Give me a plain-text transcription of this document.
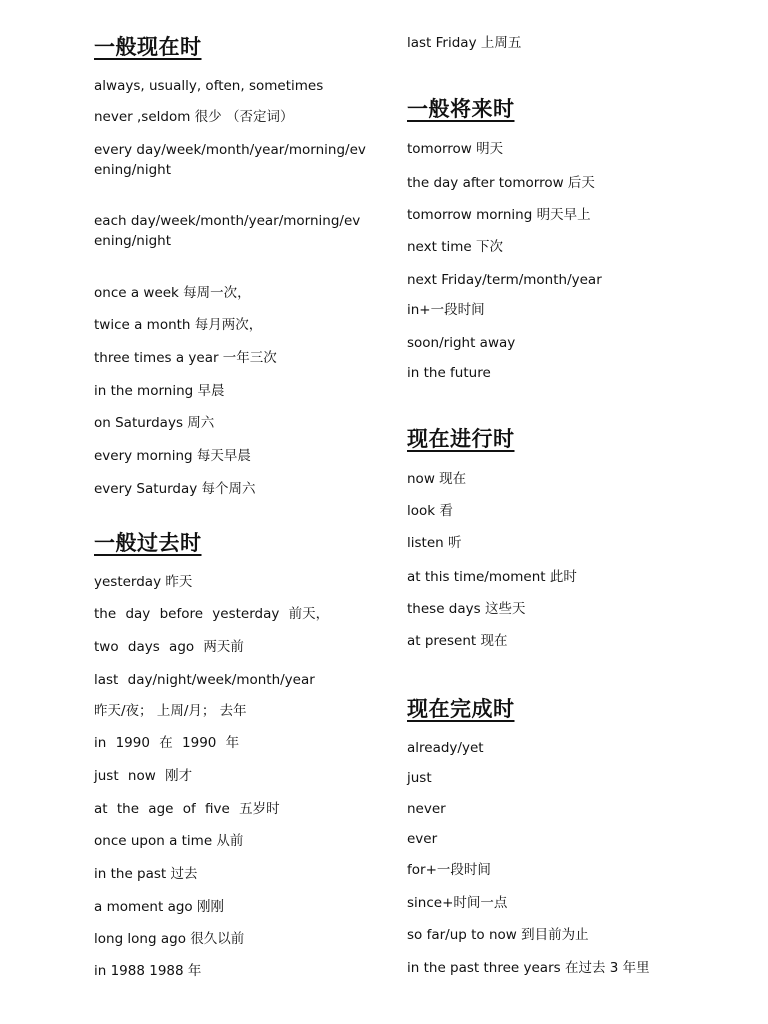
一般现在时
always, usually, often, sometimes
never ,seldom 很少 （否定词）
every day/week/month/year/morning/evening/night
each day/week/month/year/morning/evening/night
once a week 每周一次，
twice a month 每月两次，
three times a year 一年三次
in the morning 早晨
on Saturdays 周六
every morning 每天早晨
every Saturday 每个周六
一般过去时
yesterday 昨天
the day before yesterday 前天，
two days ago 两天前
last day/night/week/month/year
昨天/夜； 上周/月； 去年
in 1990 在 1990 年
just now 刚才
at the age of five 五岁时
once upon a time 从前
in the past 过去
a moment ago 刚刚
long long ago 很久以前
in 1988 1988 年
last Friday 上周五
一般将来时
tomorrow 明天
the day after tomorrow 后天
tomorrow morning 明天早上
next time 下次
next Friday/term/month/year
in+一段时间
soon/right away
in the future
现在进行时
now 现在
look 看
listen 听
at this time/moment 此时
these days 这些天
at present 现在
现在完成时
already/yet
just
never
ever
for+一段时间
since+时间一点
so far/up to now 到目前为止
in the past three years 在过去 3 年里
